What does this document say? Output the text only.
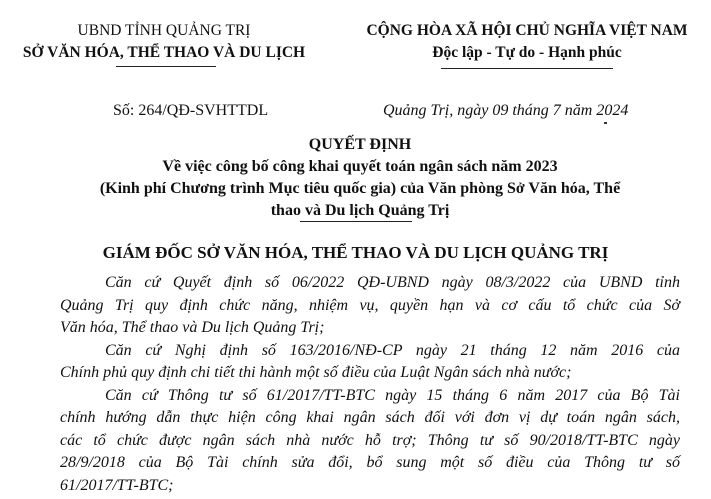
UBND TỈNH QUẢNG TRỊ
SỞ VĂN HÓA, THỂ THAO VÀ DU LỊCH
CỘNG HÒA XÃ HỘI CHỦ NGHĨA VIỆT NAM
Độc lập - Tự do - Hạnh phúc
Số: 264/QĐ-SVHTTDL	Quảng Trị, ngày 09 tháng 7 năm 2024
QUYẾT ĐỊNH
Về việc công bố công khai quyết toán ngân sách năm 2023
(Kinh phí Chương trình Mục tiêu quốc gia) của Văn phòng Sở Văn hóa, Thể
thao và Du lịch Quảng Trị
GIÁM ĐỐC SỞ VĂN HÓA, THỂ THAO VÀ DU LỊCH QUẢNG TRỊ
Căn cứ Quyết định số 06/2022 QĐ-UBND ngày 08/3/2022 của UBND tỉnh
Quảng Trị quy định chức năng, nhiệm vụ, quyền hạn và cơ cấu tổ chức của Sở
Văn hóa, Thể thao và Du lịch Quảng Trị;
Căn cứ Nghị định số 163/2016/NĐ-CP ngày 21 tháng 12 năm 2016 của
Chính phủ quy định chi tiết thi hành một số điều của Luật Ngân sách nhà nước;
Căn cứ Thông tư số 61/2017/TT-BTC ngày 15 tháng 6 năm 2017 của Bộ Tài
chính hướng dẫn thực hiện công khai ngân sách đối với đơn vị dự toán ngân sách,
các tổ chức được ngân sách nhà nước hỗ trợ; Thông tư số 90/2018/TT-BTC ngày
28/9/2018 của Bộ Tài chính sửa đổi, bổ sung một số điều của Thông tư số
61/2017/TT-BTC;
